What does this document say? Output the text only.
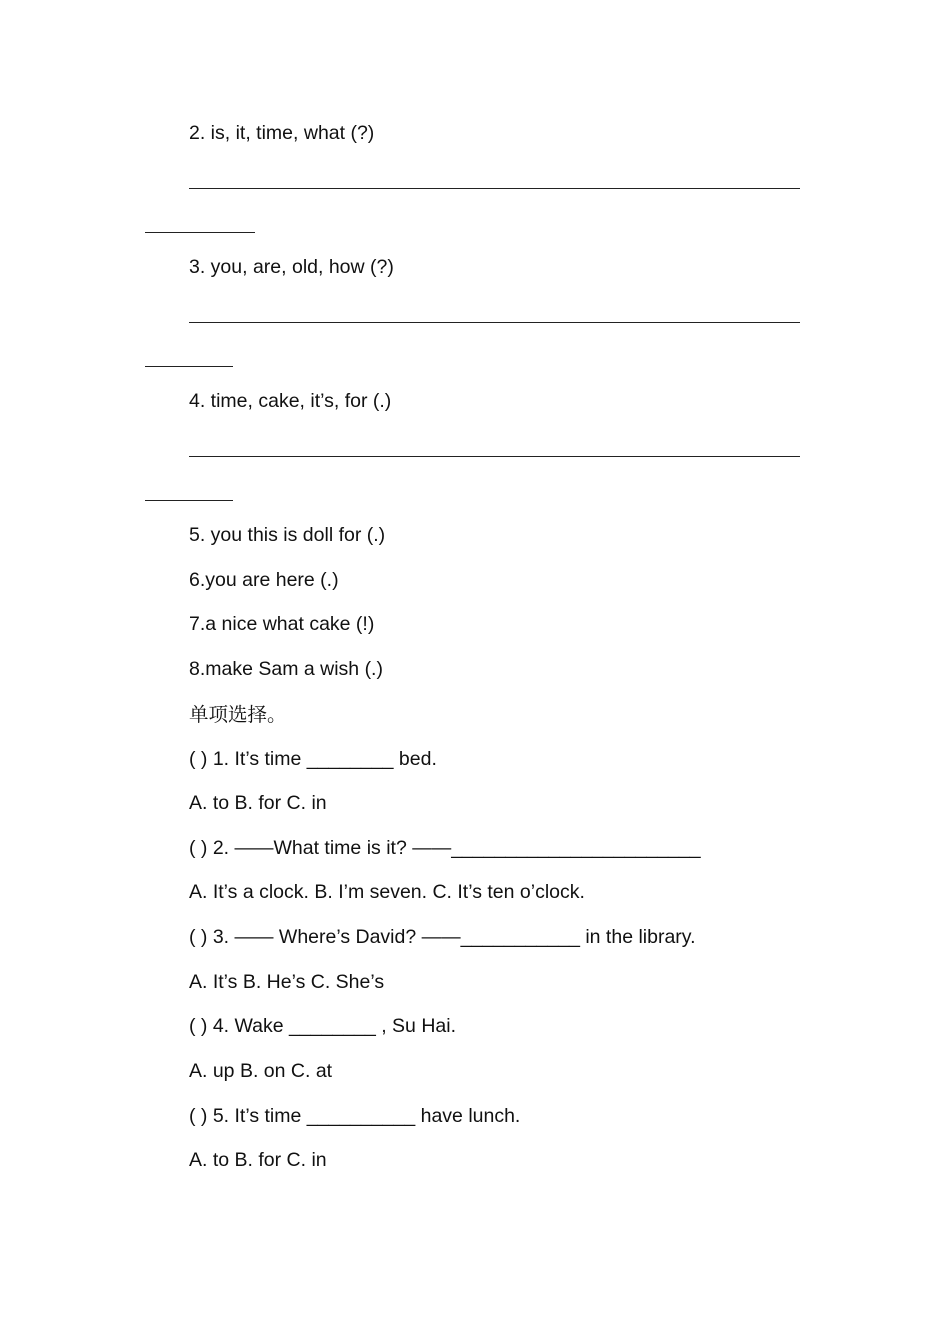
2. is, it, time, what (?)
3. you, are, old, how (?)
4. time, cake, it’s, for (.)
5. you this is doll for (.)
6.you are here (.)
7.a nice what cake (!)
8.make Sam a wish (.)
单项选择。
( ) 1. It’s time ________ bed.
A. to B. for C. in
( ) 2. ——What time is it? ——_______________________
A. It’s a clock. B. I’m seven. C. It’s ten o’clock.
( ) 3. —— Where’s David? ——___________ in the library.
A. It’s B. He’s C. She’s
( ) 4. Wake ________ , Su Hai.
A. up B. on C. at
( ) 5. It’s time __________ have lunch.
A. to B. for C. in
